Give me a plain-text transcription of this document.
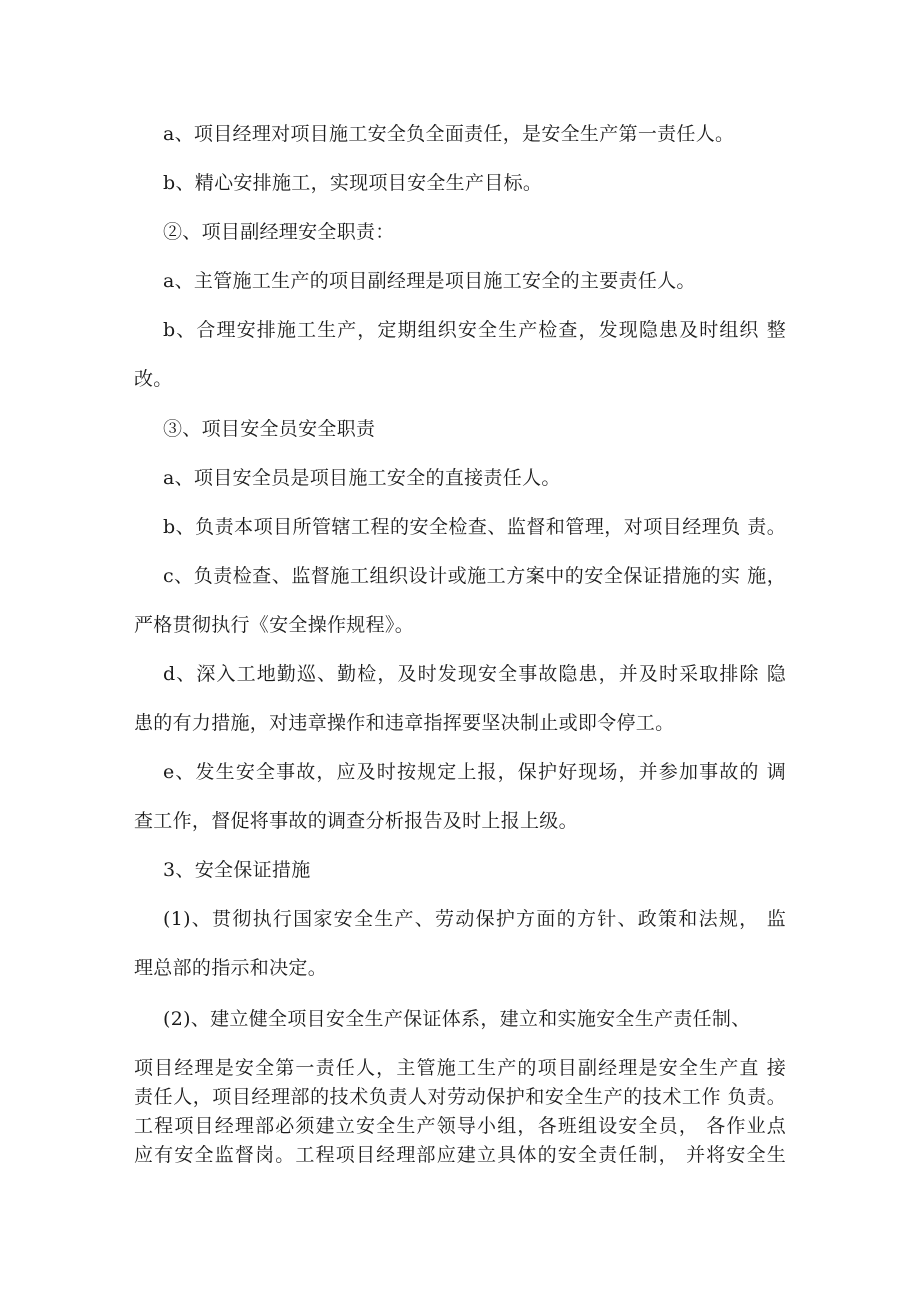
a、项目经理对项目施工安全负全面责任，是安全生产第一责任人。
b、精心安排施工，实现项目安全生产目标。
②、项目副经理安全职责：
a、主管施工生产的项目副经理是项目施工安全的主要责任人。
b、合理安排施工生产，定期组织安全生产检查，发现隐患及时组织 整
改。
③、项目安全员安全职责
a、项目安全员是项目施工安全的直接责任人。
b、负责本项目所管辖工程的安全检查、监督和管理，对项目经理负 责。
c、负责检查、监督施工组织设计或施工方案中的安全保证措施的实 施，
严格贯彻执行《安全操作规程》。
d、深入工地勤巡、勤检，及时发现安全事故隐患，并及时采取排除 隐
患的有力措施，对违章操作和违章指挥要坚决制止或即令停工。
e、发生安全事故，应及时按规定上报，保护好现场，并参加事故的 调
查工作，督促将事故的调查分析报告及时上报上级。
3、安全保证措施
(1)、贯彻执行国家安全生产、劳动保护方面的方针、政策和法规， 监
理总部的指示和决定。
(2)、建立健全项目安全生产保证体系，建立和实施安全生产责任制、
项目经理是安全第一责任人，主管施工生产的项目副经理是安全生产直 接
责任人，项目经理部的技术负责人对劳动保护和安全生产的技术工作 负责。
工程项目经理部必须建立安全生产领导小组，各班组设安全员， 各作业点
应有安全监督岗。工程项目经理部应建立具体的安全责任制， 并将安全生
